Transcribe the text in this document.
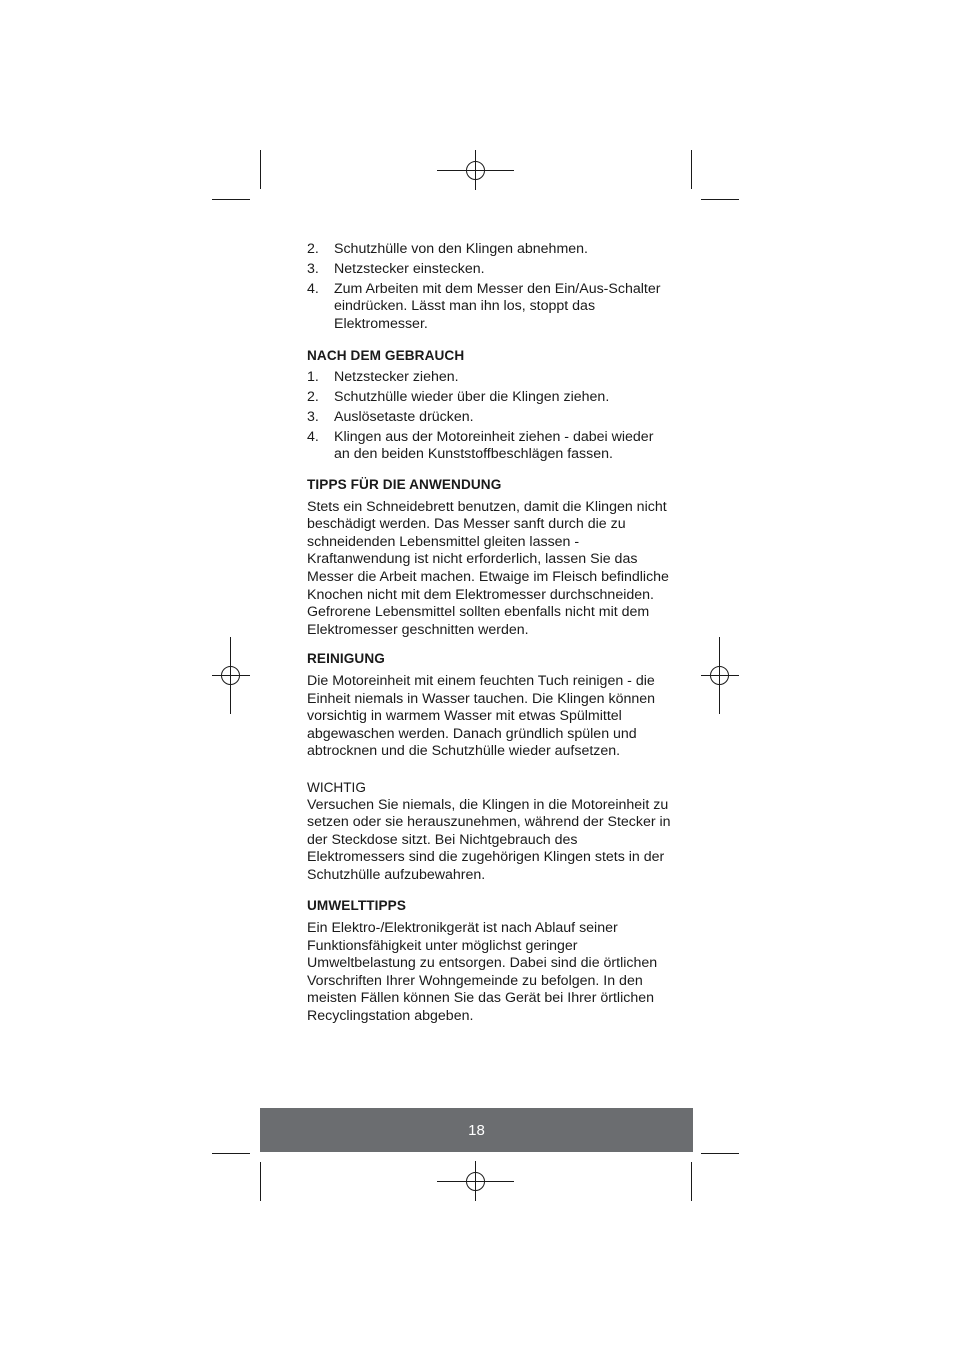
2. Schutzhülle von den Klingen abnehmen.
3. Netzstecker einstecken.
4. Zum Arbeiten mit dem Messer den Ein/Aus-Schalter eindrücken. Lässt man ihn los, stoppt das Elektromesser.
NACH DEM GEBRAUCH
1. Netzstecker ziehen.
2. Schutzhülle wieder über die Klingen ziehen.
3. Auslösetaste drücken.
4. Klingen aus der Motoreinheit ziehen - dabei wieder an den beiden Kunststoffbeschlägen fassen.
TIPPS FÜR DIE ANWENDUNG

Stets ein Schneidebrett benutzen, damit die Klingen nicht beschädigt werden. Das Messer sanft durch die zu schneidenden Lebensmittel gleiten lassen - Kraftanwendung ist nicht erforderlich, lassen Sie das Messer die Arbeit machen. Etwaige im Fleisch befindliche Knochen nicht mit dem Elektromesser durchschneiden. Gefrorene Lebensmittel sollten ebenfalls nicht mit dem Elektromesser geschnitten werden.

REINIGUNG

Die Motoreinheit mit einem feuchten Tuch reinigen - die Einheit niemals in Wasser tauchen. Die Klingen können vorsichtig in warmem Wasser mit etwas Spülmittel abgewaschen werden. Danach gründlich spülen und abtrocknen und die Schutzhülle wieder aufsetzen.

WICHTIG

Versuchen Sie niemals, die Klingen in die Motoreinheit zu setzen oder sie herauszunehmen, während der Stecker in der Steckdose sitzt. Bei Nichtgebrauch des Elektromessers sind die zugehörigen Klingen stets in der Schutzhülle aufzubewahren.

UMWELTTIPPS

Ein Elektro-/Elektronikgerät ist nach Ablauf seiner Funktionsfähigkeit unter möglichst geringer Umweltbelastung zu entsorgen. Dabei sind die örtlichen Vorschriften Ihrer Wohngemeinde zu befolgen. In den meisten Fällen können Sie das Gerät bei Ihrer örtlichen Recyclingstation abgeben.

18
